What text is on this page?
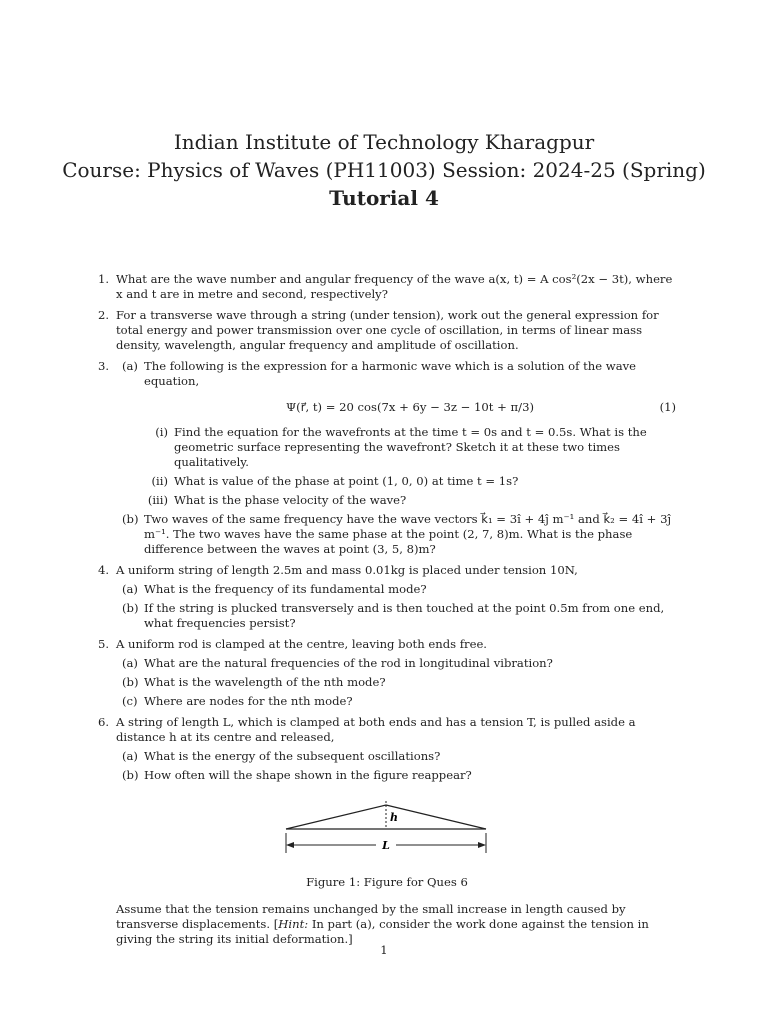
Indian Institute of Technology Kharagpur
Course: Physics of Waves (PH11003) Session: 2024-25 (Spring)
Tutorial 4
1. What are the wave number and angular frequency of the wave a(x, t) = A cos²(2x − 3t), where x and t are in metre and second, respectively?
2. For a transverse wave through a string (under tension), work out the general expression for total energy and power transmission over one cycle of oscillation, in terms of linear mass density, wavelength, angular frequency and amplitude of oscillation.
3. (a) The following is the expression for a harmonic wave which is a solution of the wave equation,
Ψ(r⃗, t) = 20 cos(7x + 6y − 3z − 10t + π/3)	(1)
(i) Find the equation for the wavefronts at the time t = 0s and t = 0.5s. What is the geometric surface representing the wavefront? Sketch it at these two times qualitatively.
(ii) What is value of the phase at point (1, 0, 0) at time t = 1s?
(iii) What is the phase velocity of the wave?
(b) Two waves of the same frequency have the wave vectors k⃗₁ = 3î + 4ĵ m⁻¹ and k⃗₂ = 4î + 3ĵ m⁻¹. The two waves have the same phase at the point (2, 7, 8)m. What is the phase difference between the waves at point (3, 5, 8)m?
4. A uniform string of length 2.5m and mass 0.01kg is placed under tension 10N,
(a) What is the frequency of its fundamental mode?
(b) If the string is plucked transversely and is then touched at the point 0.5m from one end, what frequencies persist?
5. A uniform rod is clamped at the centre, leaving both ends free.
(a) What are the natural frequencies of the rod in longitudinal vibration?
(b) What is the wavelength of the nth mode?
(c) Where are nodes for the nth mode?
6. A string of length L, which is clamped at both ends and has a tension T, is pulled aside a distance h at its centre and released,
(a) What is the energy of the subsequent oscillations?
(b) How often will the shape shown in the figure reappear?
h
L
Figure 1: Figure for Ques 6
Assume that the tension remains unchanged by the small increase in length caused by transverse displacements. [Hint: In part (a), consider the work done against the tension in giving the string its initial deformation.]
1
